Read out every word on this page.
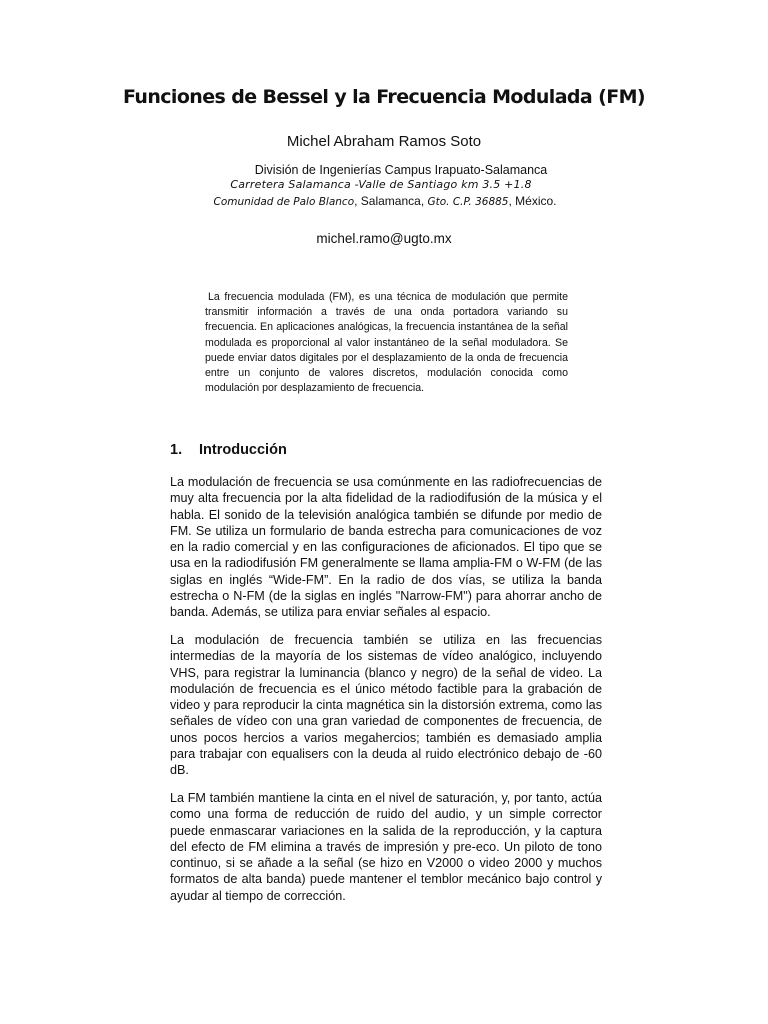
Funciones de Bessel y la Frecuencia Modulada (FM)
Michel Abraham Ramos Soto
División de Ingenierías Campus Irapuato-Salamanca
Carretera Salamanca -Valle de Santiago km 3.5 +1.8
Comunidad de Palo Blanco, Salamanca, Gto. C.P. 36885, México.
michel.ramo@ugto.mx
La frecuencia modulada (FM), es una técnica de modulación que permite transmitir información a través de una onda portadora variando su frecuencia. En aplicaciones analógicas, la frecuencia instantánea de la señal modulada es proporcional al valor instantáneo de la señal moduladora. Se puede enviar datos digitales por el desplazamiento de la onda de frecuencia entre un conjunto de valores discretos, modulación conocida como modulación por desplazamiento de frecuencia.
1. Introducción

La modulación de frecuencia se usa comúnmente en las radiofrecuencias de muy alta frecuencia por la alta fidelidad de la radiodifusión de la música y el habla. El sonido de la televisión analógica también se difunde por medio de FM. Se utiliza un formulario de banda estrecha para comunicaciones de voz en la radio comercial y en las configuraciones de aficionados. El tipo que se usa en la radiodifusión FM generalmente se llama amplia-FM o W-FM (de las siglas en inglés “Wide-FM”. En la radio de dos vías, se utiliza la banda estrecha o N-FM (de la siglas en inglés "Narrow-FM") para ahorrar ancho de banda. Además, se utiliza para enviar señales al espacio.

La modulación de frecuencia también se utiliza en las frecuencias intermedias de la mayoría de los sistemas de vídeo analógico, incluyendo VHS, para registrar la luminancia (blanco y negro) de la señal de video. La modulación de frecuencia es el único método factible para la grabación de video y para reproducir la cinta magnética sin la distorsión extrema, como las señales de vídeo con una gran variedad de componentes de frecuencia, de unos pocos hercios a varios megahercios; también es demasiado amplia para trabajar con equalisers con la deuda al ruido electrónico debajo de -60 dB.

La FM también mantiene la cinta en el nivel de saturación, y, por tanto, actúa como una forma de reducción de ruido del audio, y un simple corrector puede enmascarar variaciones en la salida de la reproducción, y la captura del efecto de FM elimina a través de impresión y pre-eco. Un piloto de tono continuo, si se añade a la señal (se hizo en V2000 o video 2000 y muchos formatos de alta banda) puede mantener el temblor mecánico bajo control y ayudar al tiempo de corrección.
